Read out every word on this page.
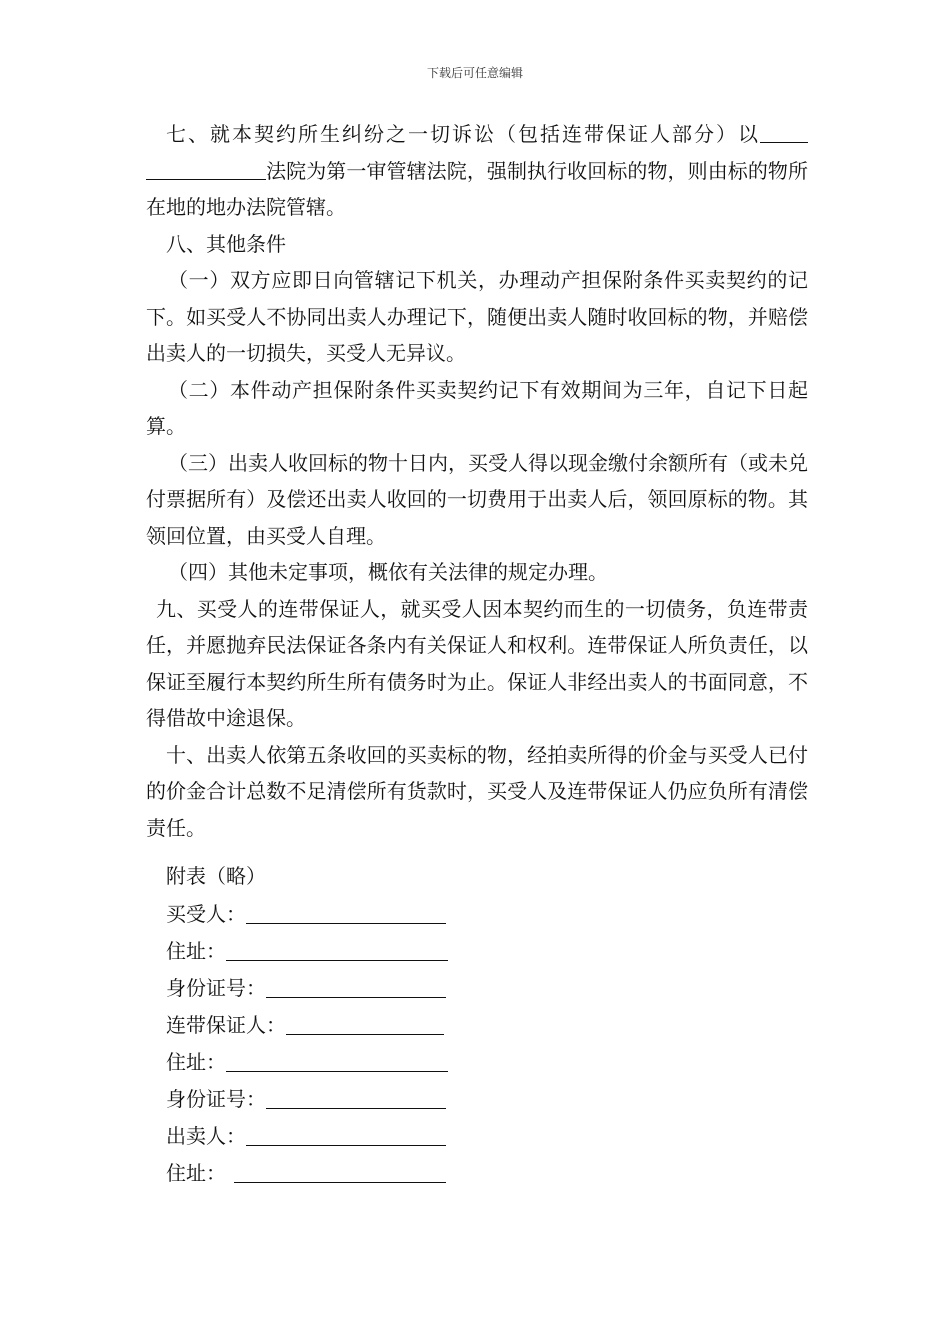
下载后可任意编辑

七、就本契约所生纠纷之一切诉讼（包括连带保证人部分）以法院为第一审管辖法院，强制执行收回标的物，则由标的物所在地的地办法院管辖。

八、其他条件

（一）双方应即日向管辖记下机关，办理动产担保附条件买卖契约的记下。如买受人不协同出卖人办理记下，随便出卖人随时收回标的物，并赔偿出卖人的一切损失，买受人无异议。

（二）本件动产担保附条件买卖契约记下有效期间为三年，自记下日起算。

（三）出卖人收回标的物十日内，买受人得以现金缴付余额所有（或未兑付票据所有）及偿还出卖人收回的一切费用于出卖人后，领回原标的物。其领回位置，由买受人自理。

（四）其他未定事项，概依有关法律的规定办理。

九、买受人的连带保证人，就买受人因本契约而生的一切债务，负连带责任，并愿抛弃民法保证各条内有关保证人和权利。连带保证人所负责任，以保证至履行本契约所生所有债务时为止。保证人非经出卖人的书面同意，不得借故中途退保。

十、出卖人依第五条收回的买卖标的物，经拍卖所得的价金与买受人已付的价金合计总数不足清偿所有货款时，买受人及连带保证人仍应负所有清偿责任。

附表（略）
买受人：
住址：
身份证号：
连带保证人：
住址：
身份证号：
出卖人：
住址：
